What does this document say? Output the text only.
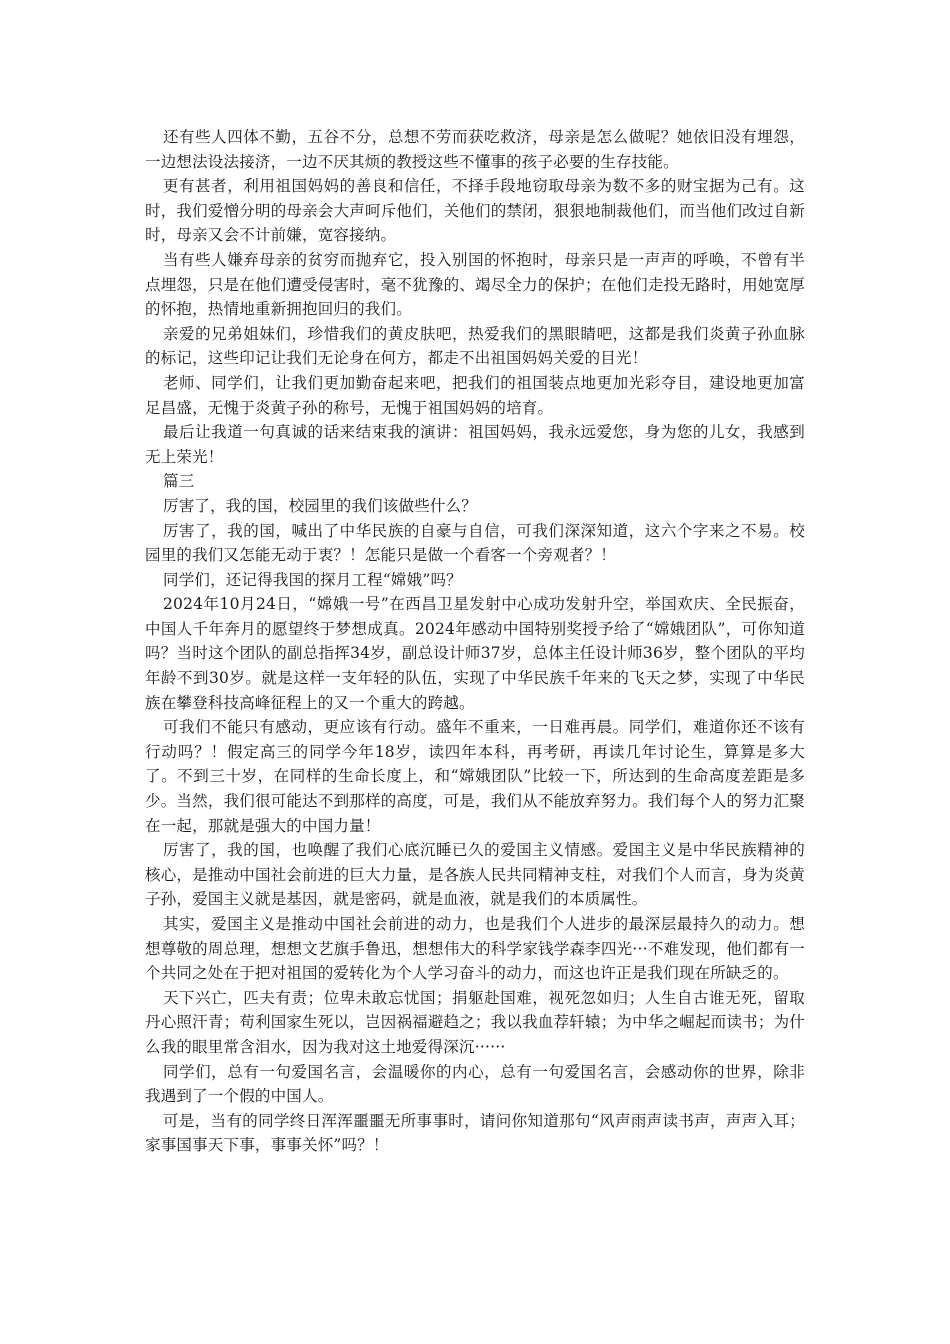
还有些人四体不勤，五谷不分，总想不劳而获吃救济，母亲是怎么做呢？她依旧没有埋怨，一边想法设法接济，一边不厌其烦的教授这些不懂事的孩子必要的生存技能。

更有甚者，利用祖国妈妈的善良和信任，不择手段地窃取母亲为数不多的财宝据为己有。这时，我们爱憎分明的母亲会大声呵斥他们，关他们的禁闭，狠狠地制裁他们，而当他们改过自新时，母亲又会不计前嫌，宽容接纳。

当有些人嫌弃母亲的贫穷而抛弃它，投入别国的怀抱时，母亲只是一声声的呼唤，不曾有半点埋怨，只是在他们遭受侵害时，毫不犹豫的、竭尽全力的保护；在他们走投无路时，用她宽厚的怀抱，热情地重新拥抱回归的我们。

亲爱的兄弟姐妹们，珍惜我们的黄皮肤吧，热爱我们的黑眼睛吧，这都是我们炎黄子孙血脉的标记，这些印记让我们无论身在何方，都走不出祖国妈妈关爱的目光！

老师、同学们，让我们更加勤奋起来吧，把我们的祖国装点地更加光彩夺目，建设地更加富足昌盛，无愧于炎黄子孙的称号，无愧于祖国妈妈的培育。

最后让我道一句真诚的话来结束我的演讲：祖国妈妈，我永远爱您，身为您的儿女，我感到无上荣光！

篇三

厉害了，我的国，校园里的我们该做些什么？

厉害了，我的国，喊出了中华民族的自豪与自信，可我们深深知道，这六个字来之不易。校园里的我们又怎能无动于衷？！怎能只是做一个看客一个旁观者？！

同学们，还记得我国的探月工程“嫦娥”吗？

2024年10月24日，“嫦娥一号”在西昌卫星发射中心成功发射升空，举国欢庆、全民振奋，中国人千年奔月的愿望终于梦想成真。2024年感动中国特别奖授予给了“嫦娥团队”，可你知道吗？当时这个团队的副总指挥34岁，副总设计师37岁，总体主任设计师36岁，整个团队的平均年龄不到30岁。就是这样一支年轻的队伍，实现了中华民族千年来的飞天之梦，实现了中华民族在攀登科技高峰征程上的又一个重大的跨越。

可我们不能只有感动，更应该有行动。盛年不重来，一日难再晨。同学们，难道你还不该有行动吗？！假定高三的同学今年18岁，读四年本科，再考研，再读几年讨论生，算算是多大了。不到三十岁，在同样的生命长度上，和“嫦娥团队”比较一下，所达到的生命高度差距是多少。当然，我们很可能达不到那样的高度，可是，我们从不能放弃努力。我们每个人的努力汇聚在一起，那就是强大的中国力量！

厉害了，我的国，也唤醒了我们心底沉睡已久的爱国主义情感。爱国主义是中华民族精神的核心，是推动中国社会前进的巨大力量，是各族人民共同精神支柱，对我们个人而言，身为炎黄子孙，爱国主义就是基因，就是密码，就是血液，就是我们的本质属性。

其实，爱国主义是推动中国社会前进的动力，也是我们个人进步的最深层最持久的动力。想想尊敬的周总理，想想文艺旗手鲁迅，想想伟大的科学家钱学森李四光···不难发现，他们都有一个共同之处在于把对祖国的爱转化为个人学习奋斗的动力，而这也许正是我们现在所缺乏的。

天下兴亡，匹夫有责；位卑未敢忘忧国；捐躯赴国难，视死忽如归；人生自古谁无死，留取丹心照汗青；苟利国家生死以，岂因祸福避趋之；我以我血荐轩辕；为中华之崛起而读书；为什么我的眼里常含泪水，因为我对这土地爱得深沉······

同学们，总有一句爱国名言，会温暖你的内心，总有一句爱国名言，会感动你的世界，除非我遇到了一个假的中国人。

可是，当有的同学终日浑浑噩噩无所事事时，请问你知道那句“风声雨声读书声，声声入耳；家事国事天下事，事事关怀”吗？！
